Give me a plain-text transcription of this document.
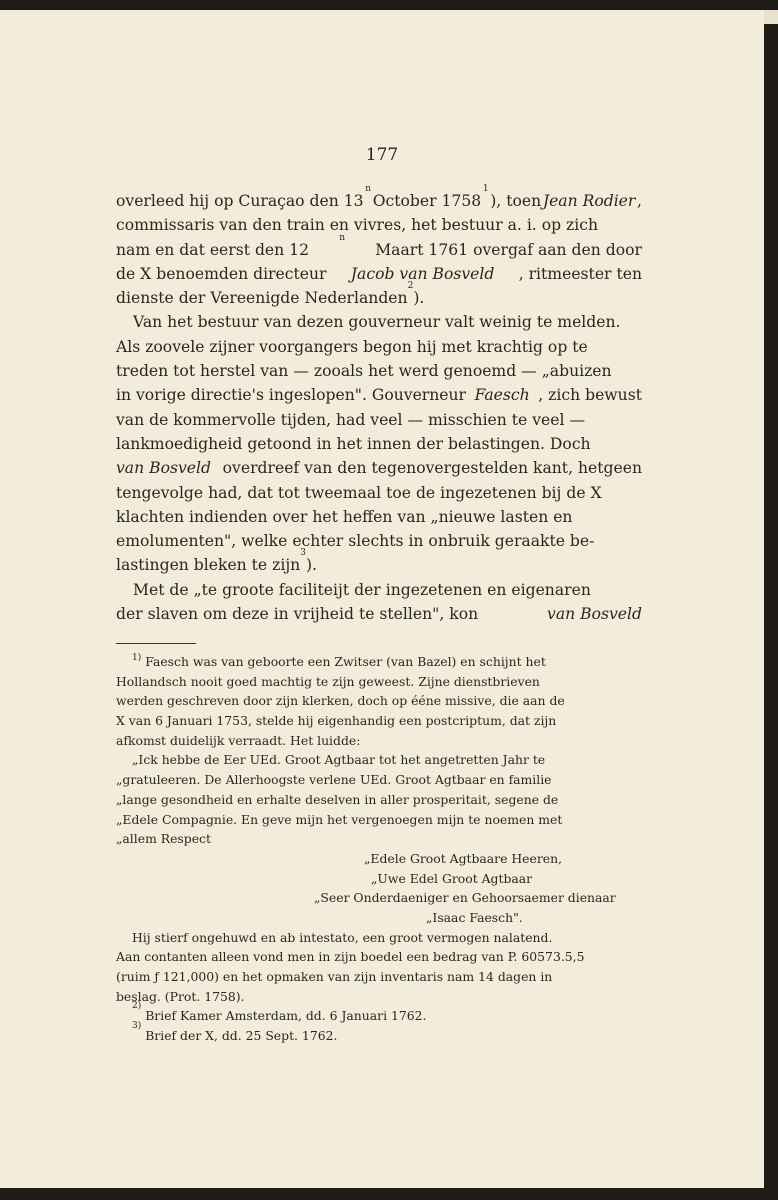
177
overleed hij op Curaçao den 13
n
October 1758
1
), toen Jean Rodier ,
commissaris van den train en vivres, het bestuur a. i. op zich
nam en dat eerst den 12
n
Maart 1761 overgaf aan den door
de X benoemden directeur Jacob van Bosveld , ritmeester ten
dienste der Vereenigde Nederlanden
2
).
Van het bestuur van dezen gouverneur valt weinig te melden.
Als zoovele zijner voorgangers begon hij met krachtig op te
treden tot herstel van — zooals het werd genoemd — „abuizen
in vorige directie's ingeslopen". Gouverneur Faesch , zich bewust
van de kommervolle tijden, had veel — misschien te veel —
lankmoedigheid getoond in het innen der belastingen. Doch
van Bosveld overdreef van den tegenovergestelden kant, hetgeen
tengevolge had, dat tot tweemaal toe de ingezetenen bij de X
klachten indienden over het heffen van „nieuwe lasten en
emolumenten", welke echter slechts in onbruik geraakte be-
lastingen bleken te zijn
3
).
Met de „te groote faciliteijt der ingezetenen en eigenaren
der slaven om deze in vrijheid te stellen", kon	van Bosveld
$^{1)}$ Faesch was van geboorte een Zwitser (van Bazel) en schijnt het
Hollandsch nooit goed machtig te zijn geweest. Zijne dienstbrieven
werden geschreven door zijn klerken, doch op ééne missive, die aan de
X van 6 Januari 1753, stelde hij eigenhandig een postcriptum, dat zijn
afkomst duidelijk verraadt. Het luidde:
„Ick hebbe de Eer UEd. Groot Agtbaar tot het angetretten Jahr te
„gratuleeren. De Allerhoogste verlene UEd. Groot Agtbaar en familie
„lange gesondheid en erhalte deselven in aller prosperitait, segene de
„Edele Compagnie. En geve mijn het vergenoegen mijn te noemen met
„allem Respect
„Edele Groot Agtbaare Heeren,
„Uwe Edel Groot Agtbaar
„Seer Onderdaeniger en Gehoorsaemer dienaar
„Isaac Faesch".
Hij stierf ongehuwd en ab intestato, een groot vermogen nalatend.
Aan contanten alleen vond men in zijn boedel een bedrag van P. 60573.5,5
(ruim ƒ 121,000) en het opmaken van zijn inventaris nam 14 dagen in
beslag. (Prot. 1758).
2)

Brief Kamer Amsterdam, dd. 6 Januari 1762.
3)

Brief der X, dd. 25 Sept. 1762.
